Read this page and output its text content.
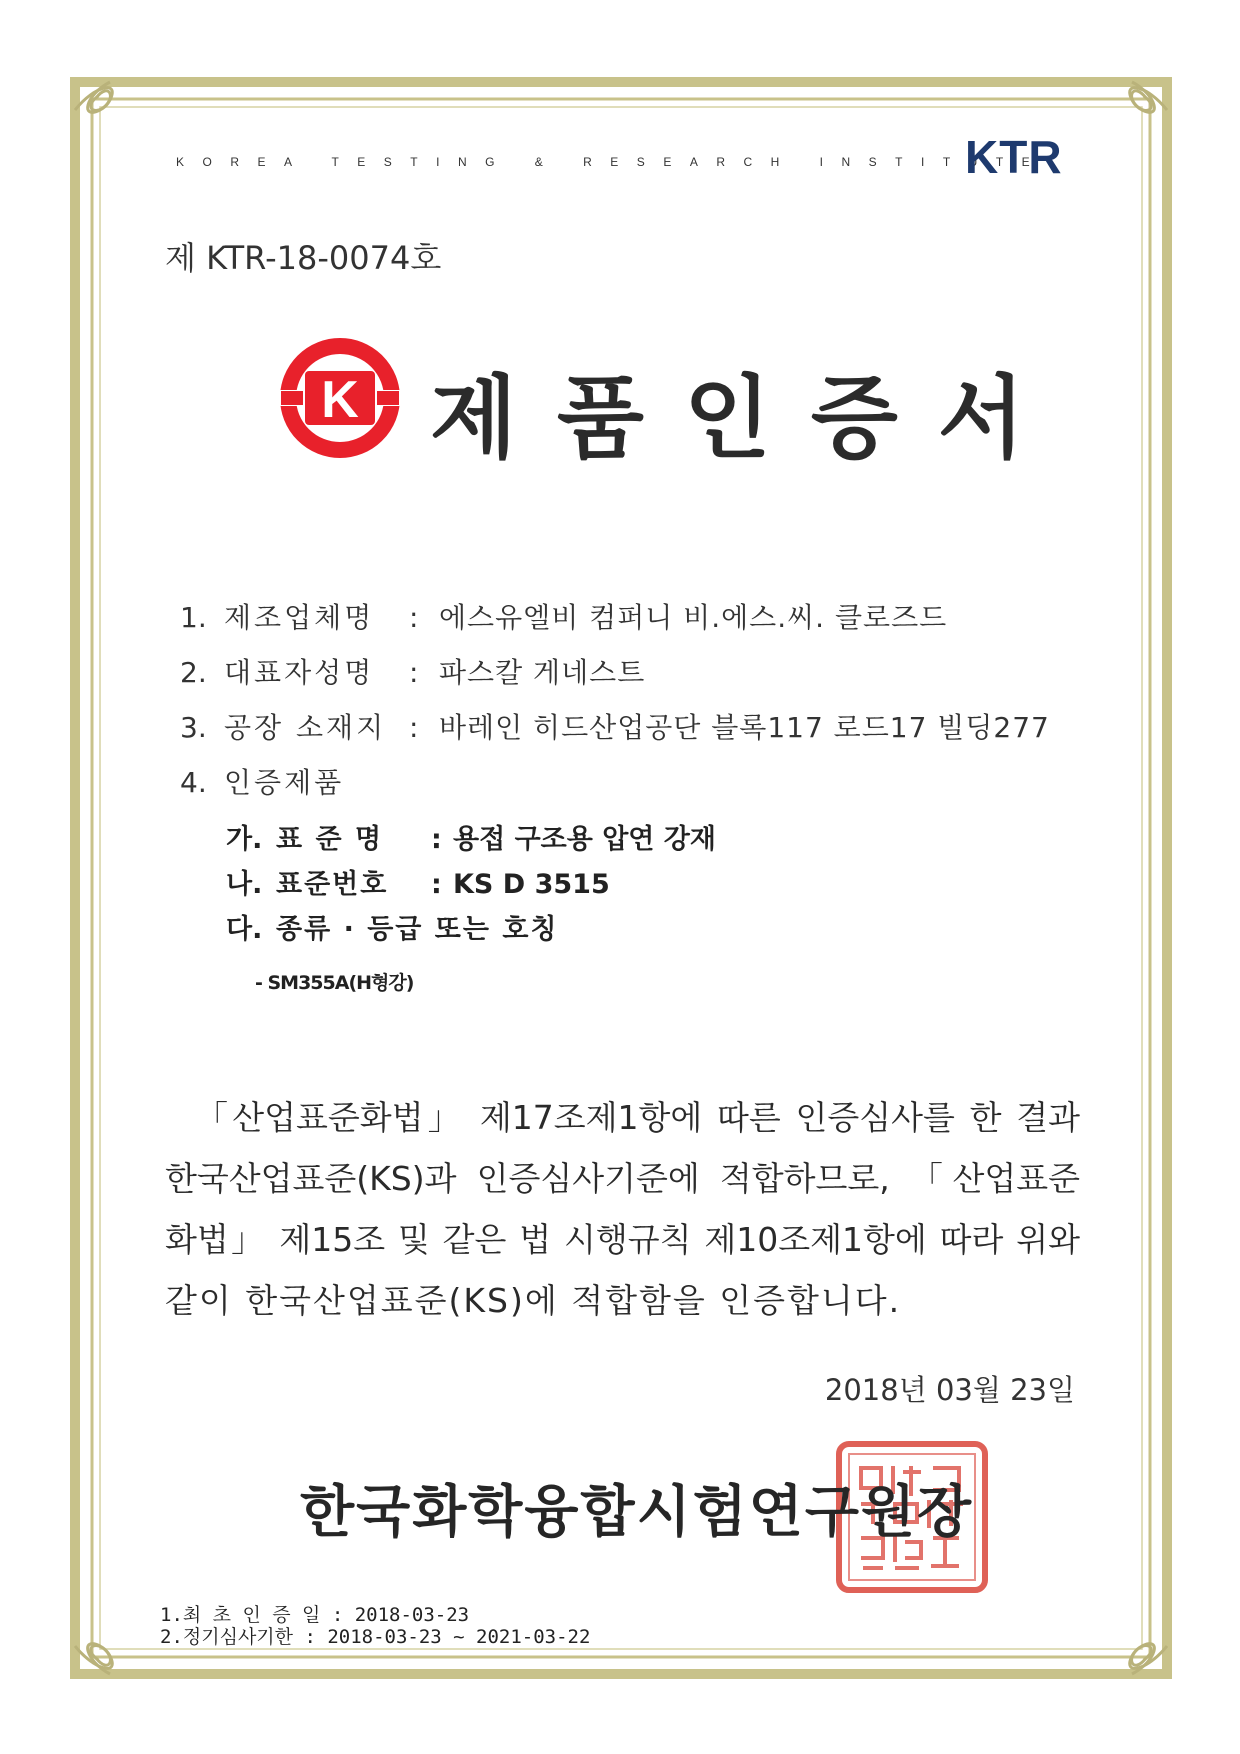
KOREA TESTING & RESEARCH INSTITUTE
KTR
제 KTR-18-0074호
K 제품인증서
1. 제조업체명 : 에스유엘비 컴퍼니 비.에스.씨. 클로즈드
2. 대표자성명 : 파스칼 게네스트
3. 공장 소재지 : 바레인 히드산업공단 블록117 로드17 빌딩277
4. 인증제품
가. 표 준 명 : 용접 구조용 압연 강재
나. 표준번호 : KS D 3515
다. 종류 · 등급 또는 호칭
- SM355A(H형강)
「산업표준화법」 제17조제1항에 따른 인증심사를 한 결과
한국산업표준(KS)과 인증심사기준에 적합하므로, 「산업표준
화법」 제15조 및 같은 법 시행규칙 제10조제1항에 따라 위와
같이 한국산업표준(KS)에 적합함을 인증합니다.
2018년 03월 23일
한국화학융합시험연구원장
1.최 초 인 증 일 : 2018-03-23
2.정기심사기한 : 2018-03-23 ~ 2021-03-22
